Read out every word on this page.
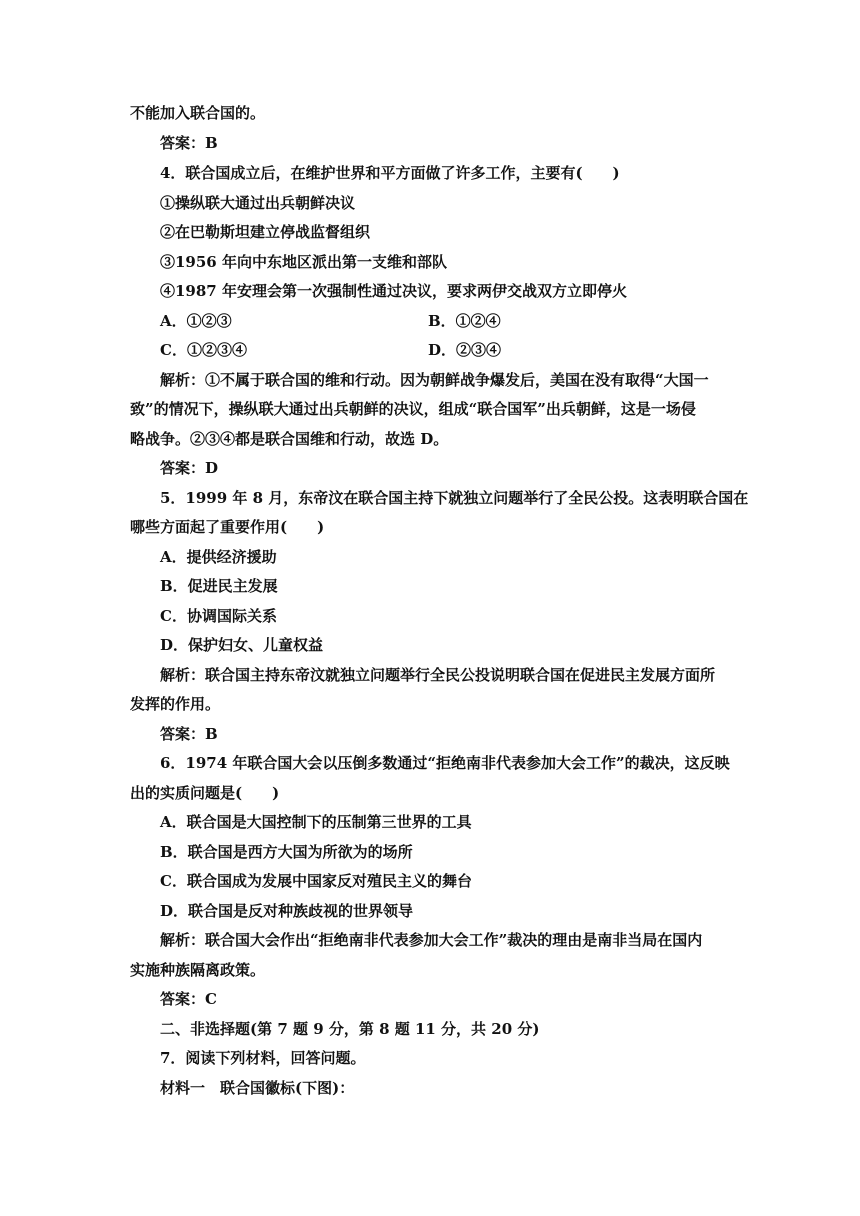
不能加入联合国的。
答案：B
4．联合国成立后，在维护世界和平方面做了许多工作，主要有(　　)
①操纵联大通过出兵朝鲜决议
②在巴勒斯坦建立停战监督组织
③1956 年向中东地区派出第一支维和部队
④1987 年安理会第一次强制性通过决议，要求两伊交战双方立即停火
A．①②③	B．①②④
C．①②③④	D．②③④
解析：①不属于联合国的维和行动。因为朝鲜战争爆发后，美国在没有取得“大国一
致”的情况下，操纵联大通过出兵朝鲜的决议，组成“联合国军”出兵朝鲜，这是一场侵
略战争。②③④都是联合国维和行动，故选 D。
答案：D
5．1999 年 8 月，东帝汶在联合国主持下就独立问题举行了全民公投。这表明联合国在
哪些方面起了重要作用(　　)
A．提供经济援助
B．促进民主发展
C．协调国际关系
D．保护妇女、儿童权益
解析：联合国主持东帝汶就独立问题举行全民公投说明联合国在促进民主发展方面所
发挥的作用。
答案：B
6．1974 年联合国大会以压倒多数通过“拒绝南非代表参加大会工作”的裁决，这反映
出的实质问题是(　　)
A．联合国是大国控制下的压制第三世界的工具
B．联合国是西方大国为所欲为的场所
C．联合国成为发展中国家反对殖民主义的舞台
D．联合国是反对种族歧视的世界领导
解析：联合国大会作出“拒绝南非代表参加大会工作”裁决的理由是南非当局在国内
实施种族隔离政策。
答案：C
二、非选择题(第 7 题 9 分，第 8 题 11 分，共 20 分)
7．阅读下列材料，回答问题。
材料一　联合国徽标(下图)：
